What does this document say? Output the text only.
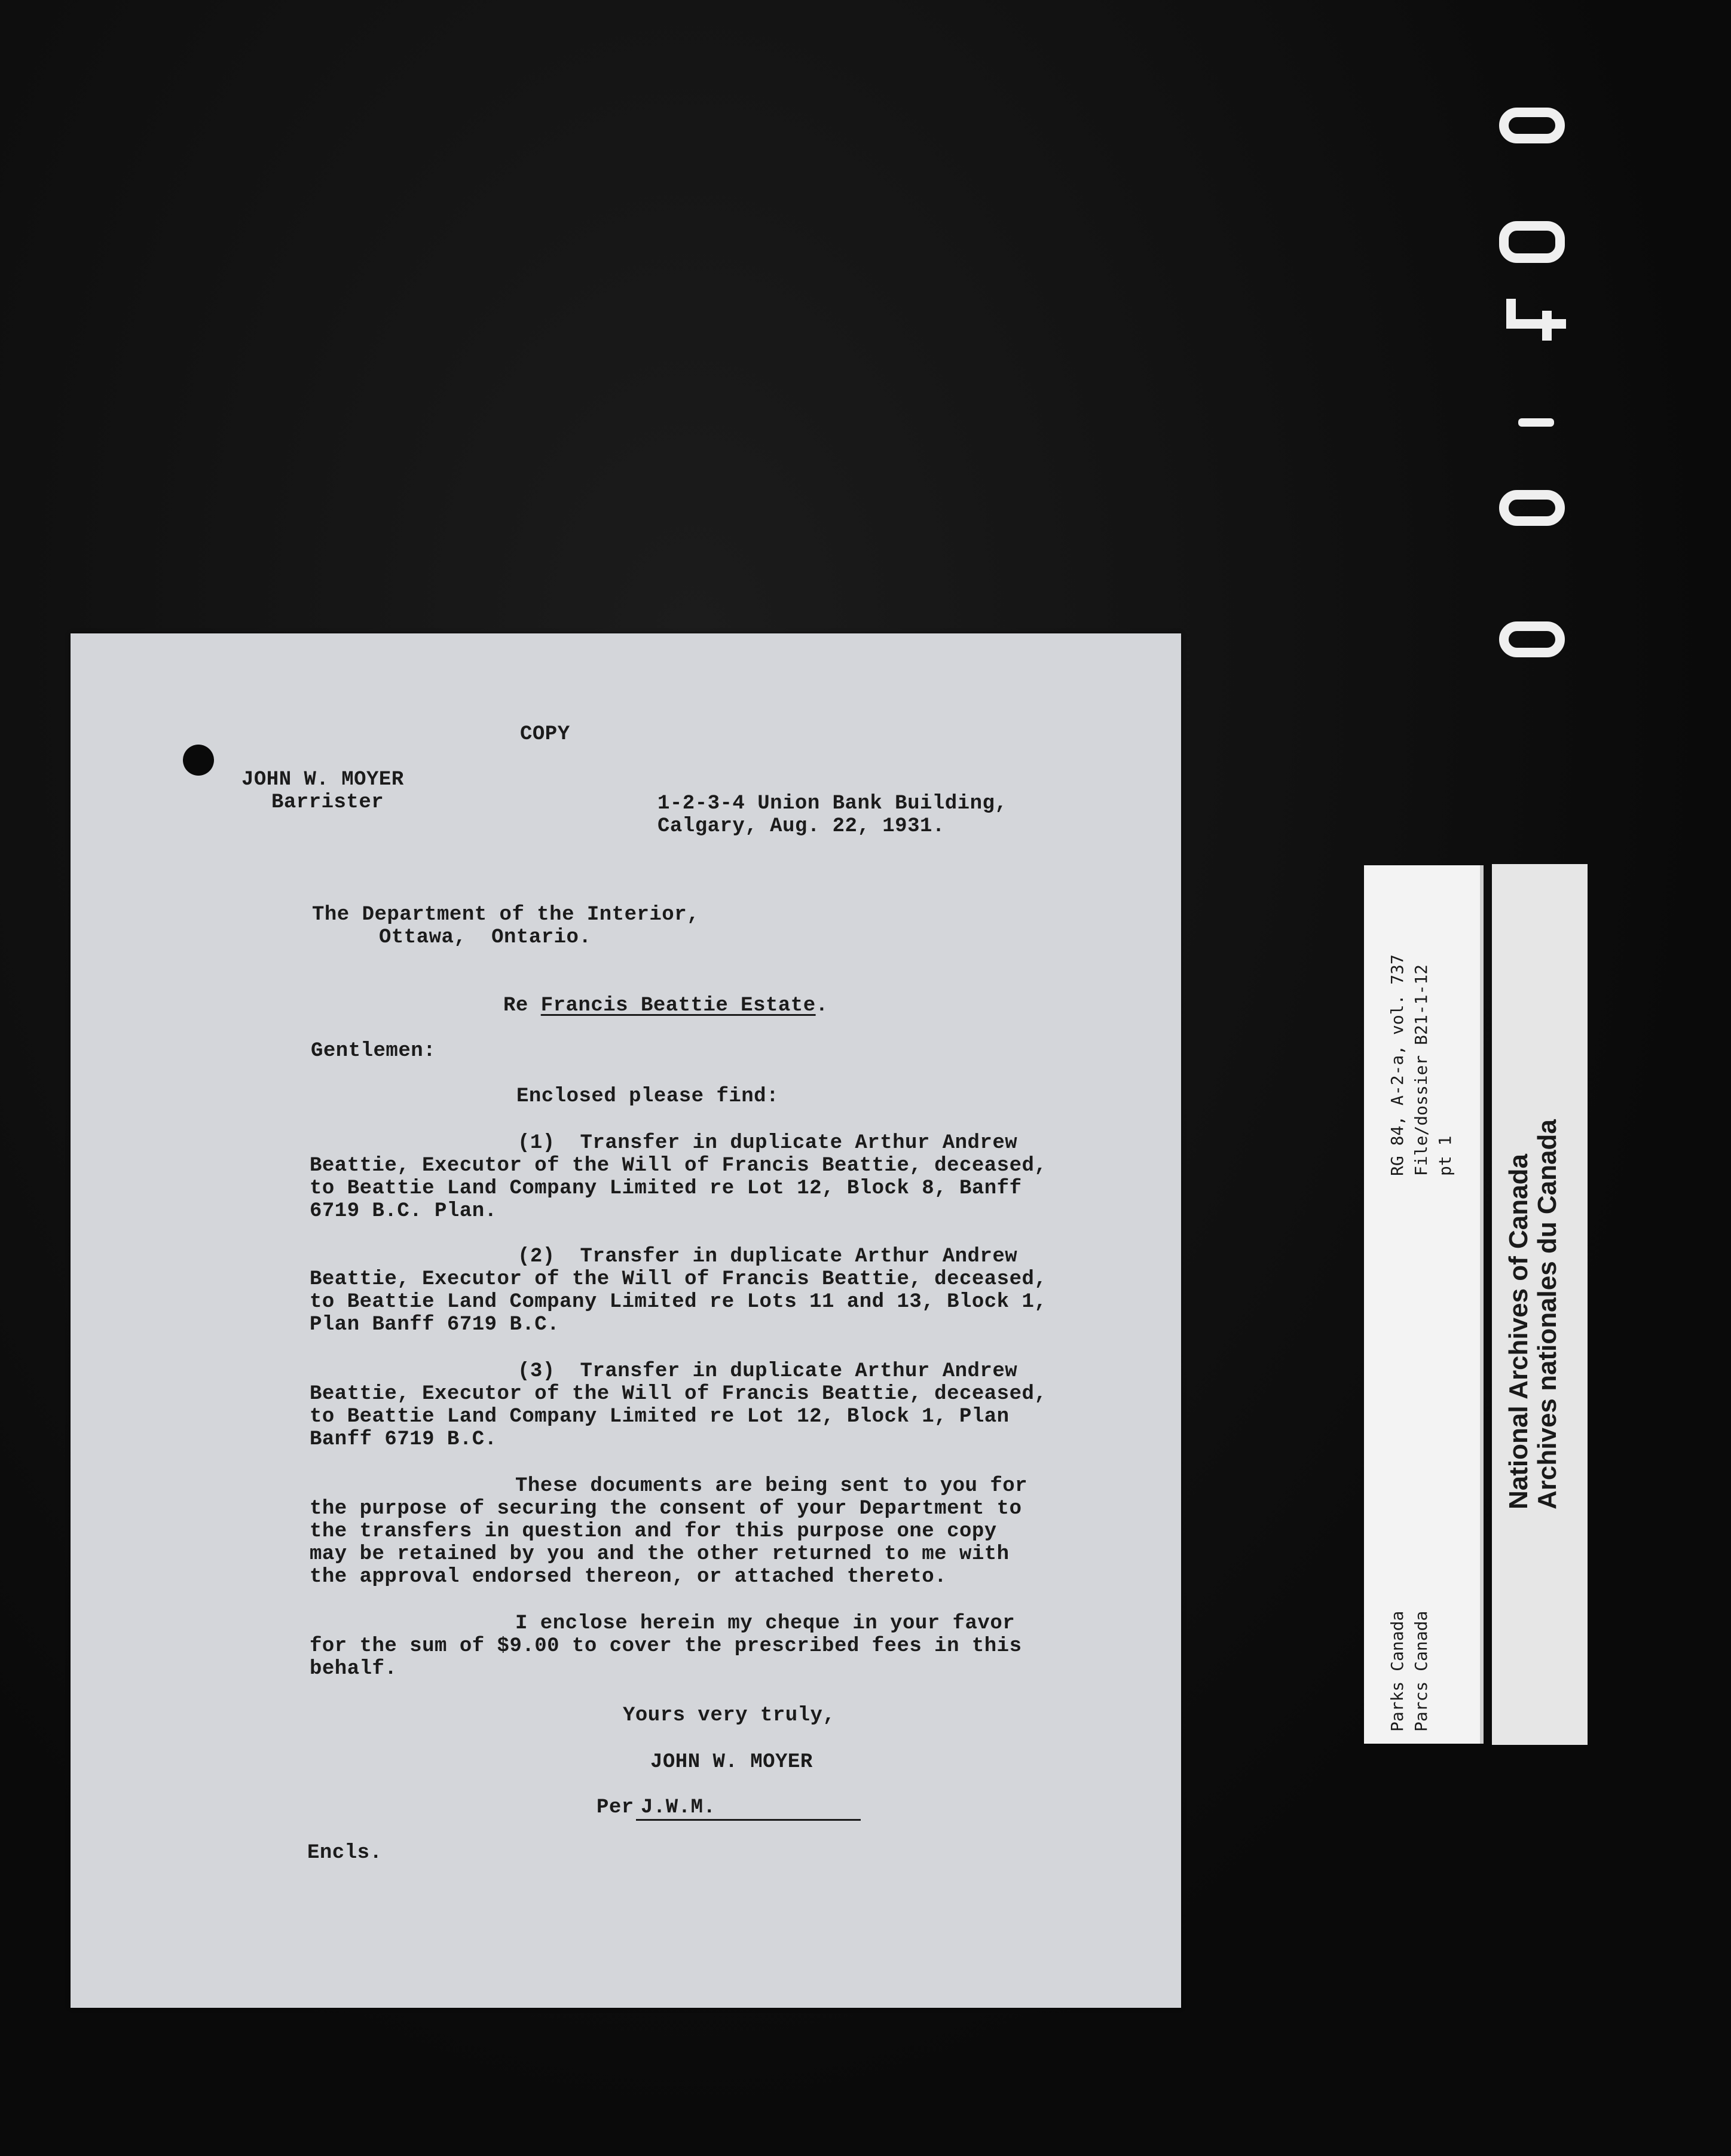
COPY
JOHN W. MOYER
Barrister	1-2-3-4 Union Bank Building,
Calgary, Aug. 22, 1931.
The Department of the Interior,
Ottawa,  Ontario.
Re Francis Beattie Estate.
Gentlemen:
Enclosed please find:
(1)  Transfer in duplicate Arthur Andrew
Beattie, Executor of the Will of Francis Beattie, deceased,
to Beattie Land Company Limited re Lot 12, Block 8, Banff
6719 B.C. Plan.
(2)  Transfer in duplicate Arthur Andrew
Beattie, Executor of the Will of Francis Beattie, deceased,
to Beattie Land Company Limited re Lots 11 and 13, Block 1,
Plan Banff 6719 B.C.
(3)  Transfer in duplicate Arthur Andrew
Beattie, Executor of the Will of Francis Beattie, deceased,
to Beattie Land Company Limited re Lot 12, Block 1, Plan
Banff 6719 B.C.
These documents are being sent to you for
the purpose of securing the consent of your Department to
the transfers in question and for this purpose one copy
may be retained by you and the other returned to me with
the approval endorsed thereon, or attached thereto.
I enclose herein my cheque in your favor
for the sum of $9.00 to cover the prescribed fees in this
behalf.
Yours very truly,
JOHN W. MOYER
Per J.W.M.
Encls.
RG 84, A-2-a, vol. 737 File/dossier B21-1-12 pt 1
Parks Canada Parcs Canada
National Archives of Canada Archives nationales du Canada
